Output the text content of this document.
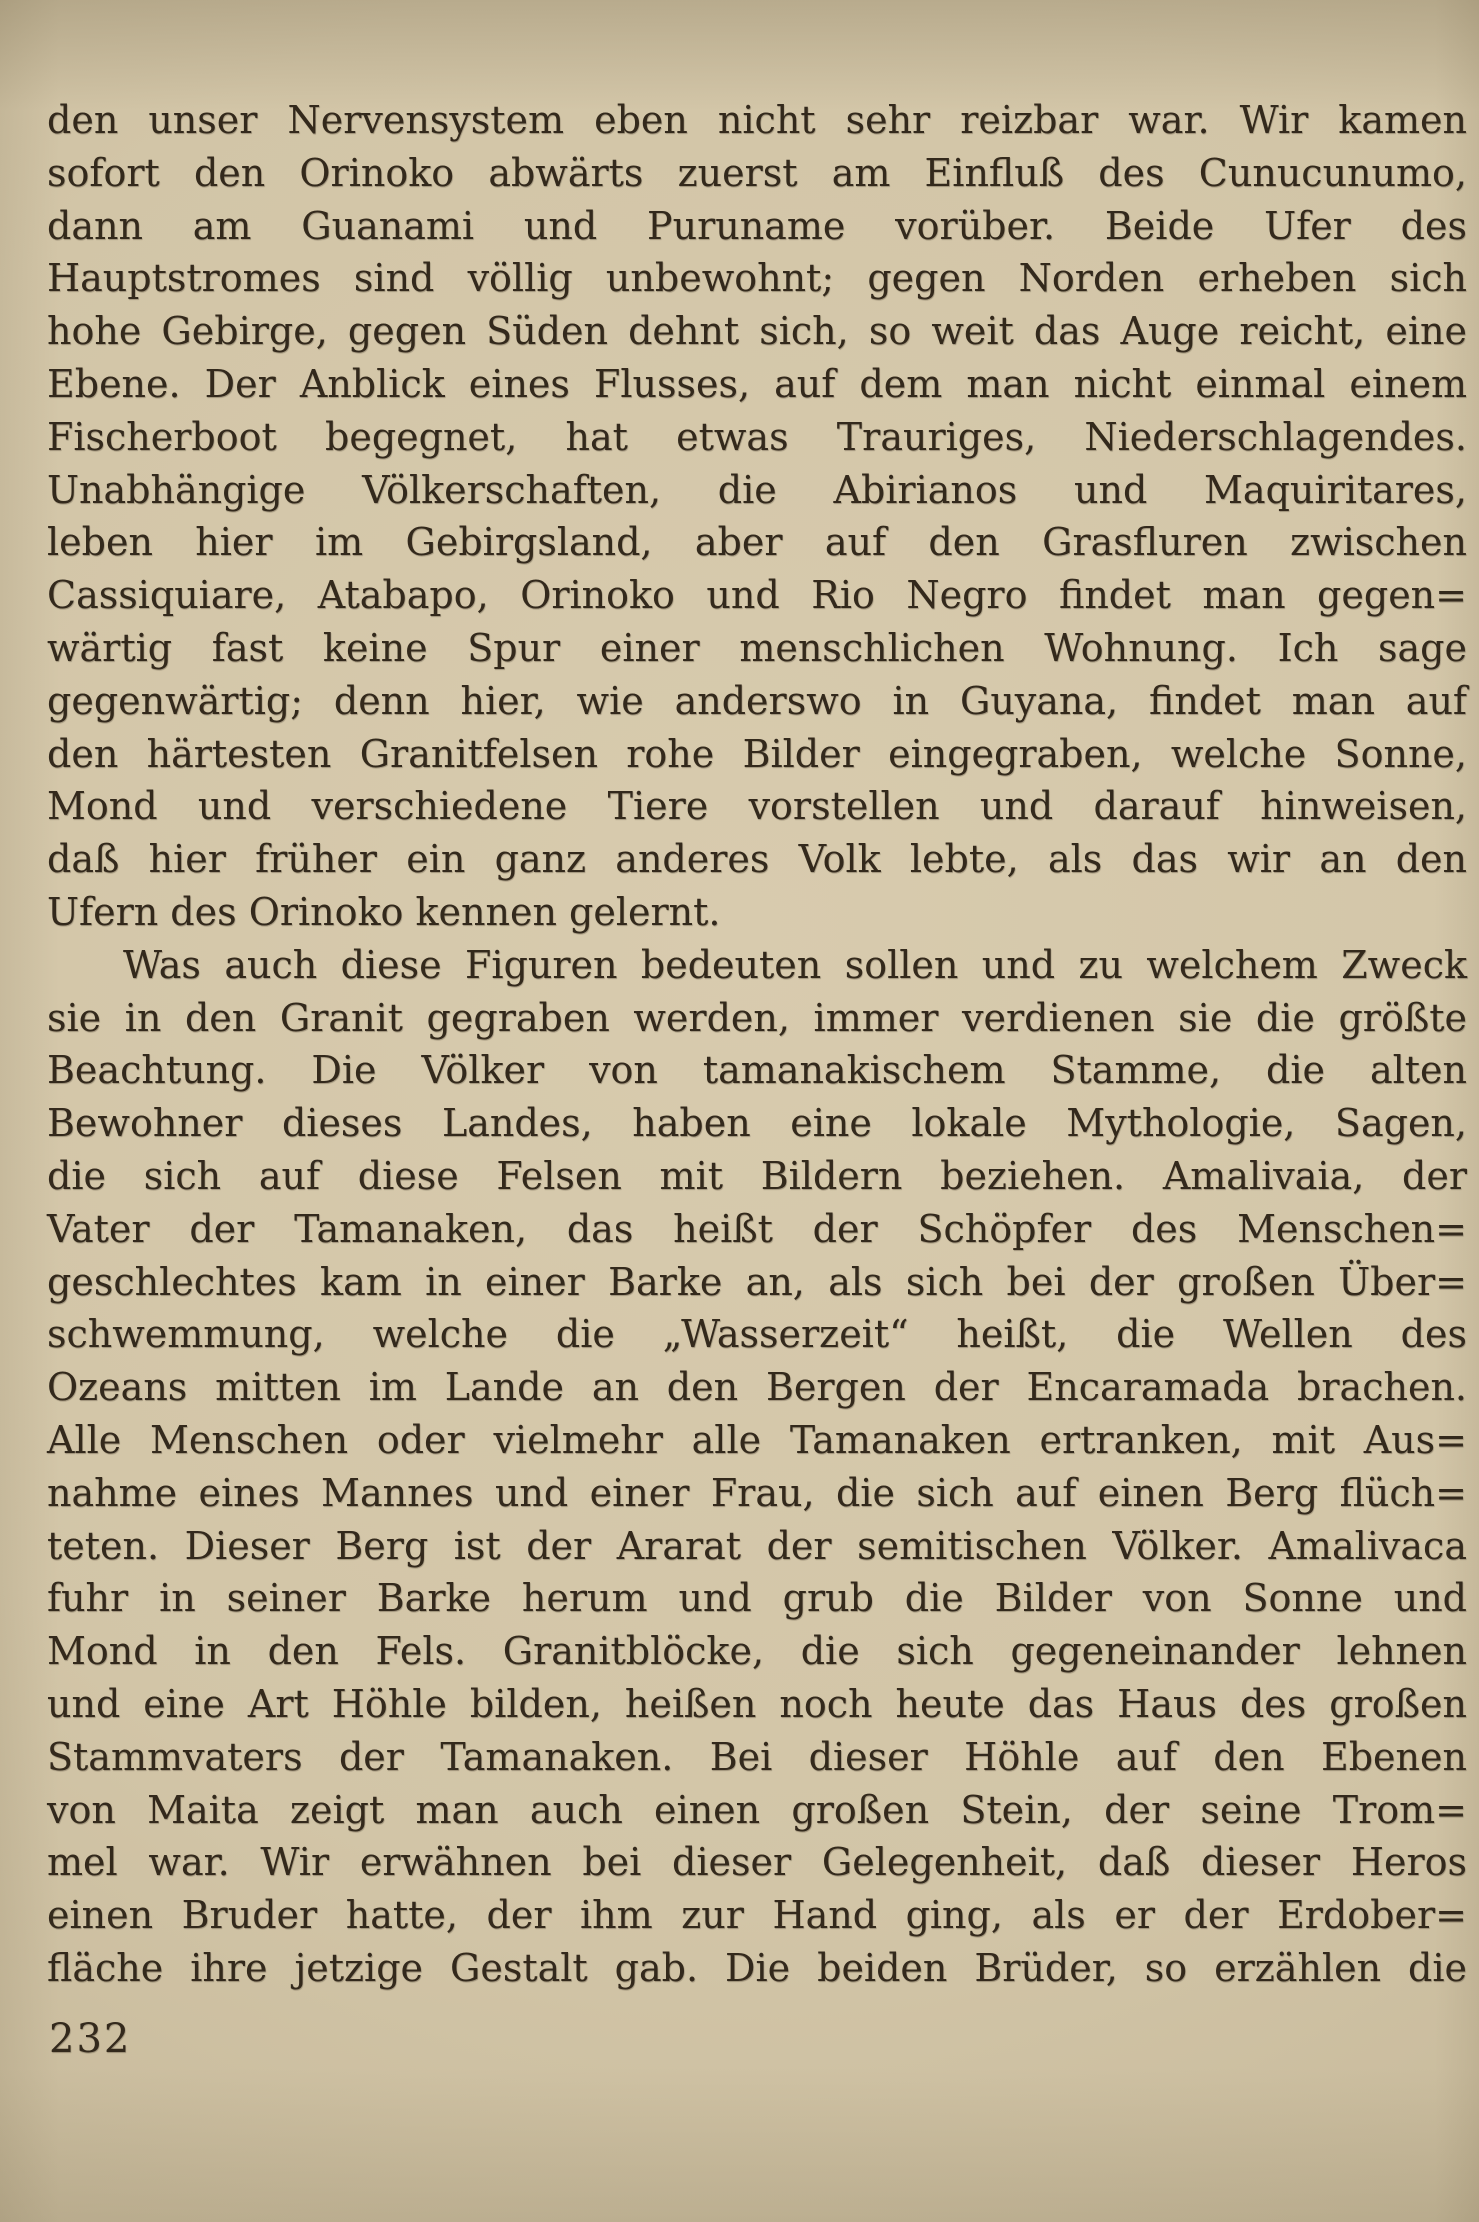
den unser Nervensystem eben nicht sehr reizbar war. Wir kamen
sofort den Orinoko abwärts zuerst am Einfluß des Cunucunumo,
dann am Guanami und Puruname vorüber. Beide Ufer des
Hauptstromes sind völlig unbewohnt; gegen Norden erheben sich
hohe Gebirge, gegen Süden dehnt sich, so weit das Auge reicht, eine
Ebene. Der Anblick eines Flusses, auf dem man nicht einmal einem
Fischerboot begegnet, hat etwas Trauriges, Niederschlagendes.
Unabhängige Völkerschaften, die Abirianos und Maquiritares,
leben hier im Gebirgsland, aber auf den Grasfluren zwischen
Cassiquiare, Atabapo, Orinoko und Rio Negro findet man gegen=
wärtig fast keine Spur einer menschlichen Wohnung. Ich sage
gegenwärtig; denn hier, wie anderswo in Guyana, findet man auf
den härtesten Granitfelsen rohe Bilder eingegraben, welche Sonne,
Mond und verschiedene Tiere vorstellen und darauf hinweisen,
daß hier früher ein ganz anderes Volk lebte, als das wir an den
Ufern des Orinoko kennen gelernt.
Was auch diese Figuren bedeuten sollen und zu welchem Zweck
sie in den Granit gegraben werden, immer verdienen sie die größte
Beachtung. Die Völker von tamanakischem Stamme, die alten
Bewohner dieses Landes, haben eine lokale Mythologie, Sagen,
die sich auf diese Felsen mit Bildern beziehen. Amalivaia, der
Vater der Tamanaken, das heißt der Schöpfer des Menschen=
geschlechtes kam in einer Barke an, als sich bei der großen Über=
schwemmung, welche die „Wasserzeit“ heißt, die Wellen des
Ozeans mitten im Lande an den Bergen der Encaramada brachen.
Alle Menschen oder vielmehr alle Tamanaken ertranken, mit Aus=
nahme eines Mannes und einer Frau, die sich auf einen Berg flüch=
teten. Dieser Berg ist der Ararat der semitischen Völker. Amalivaca
fuhr in seiner Barke herum und grub die Bilder von Sonne und
Mond in den Fels. Granitblöcke, die sich gegeneinander lehnen
und eine Art Höhle bilden, heißen noch heute das Haus des großen
Stammvaters der Tamanaken. Bei dieser Höhle auf den Ebenen
von Maita zeigt man auch einen großen Stein, der seine Trom=
mel war. Wir erwähnen bei dieser Gelegenheit, daß dieser Heros
einen Bruder hatte, der ihm zur Hand ging, als er der Erdober=
fläche ihre jetzige Gestalt gab. Die beiden Brüder, so erzählen die
232
